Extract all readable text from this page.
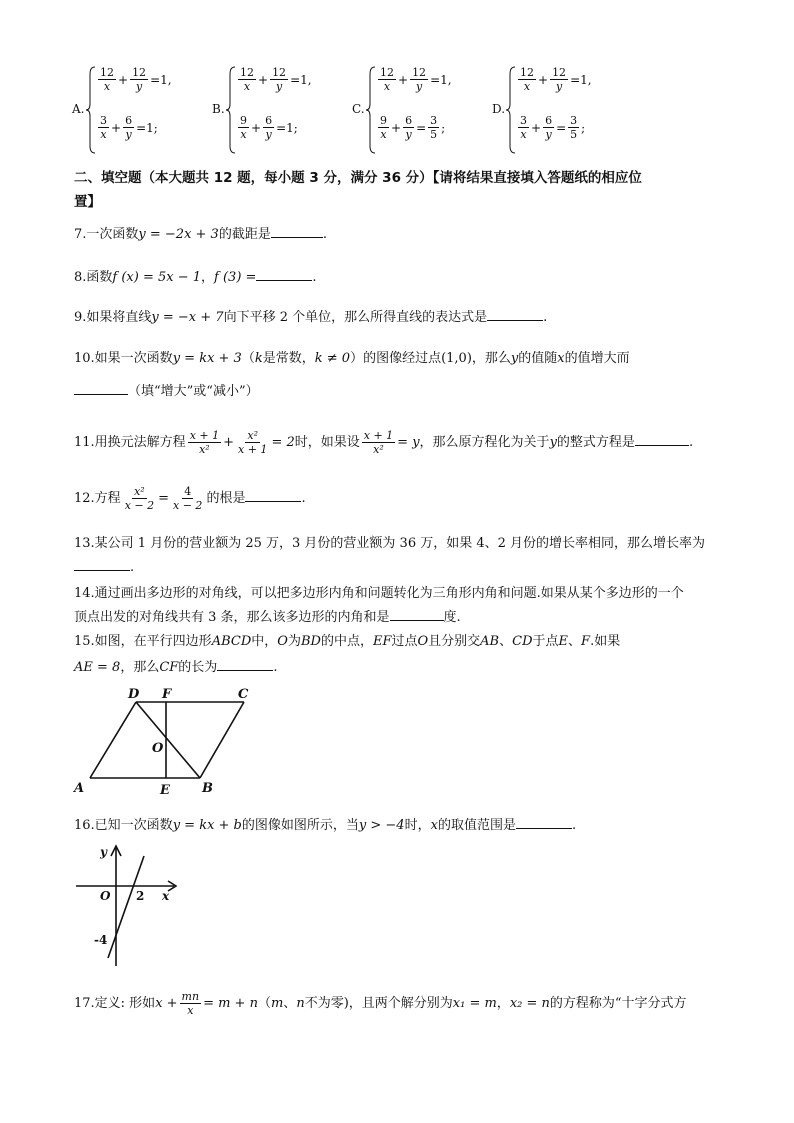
A.
$\frac{12}{x} + \frac{12}{y} =1$,
$\frac{3}{x} + \frac{6}{y} =1$;
B.
$\frac{12}{x} + \frac{12}{y} =1$,
$\frac{9}{x} + \frac{6}{y} =1$;
C.
$\frac{12}{x} + \frac{12}{y} =1$,
$\frac{9}{x} + \frac{6}{y} = \frac{3}{5}$ ;
D.
$\frac{12}{x} + \frac{12}{y} =1$,
$\frac{3}{x} + \frac{6}{y} = \frac{3}{5}$ ;
二、填空题（本大题共 12 题，每小题 3 分，满分 36 分）【请将结果直接填入答题纸的相应位
置】
7.一次函数y = −2x + 3的截距是	.
8.函数f (x) = 5x − 1，f (3) =	.
9.如果将直线y = −x + 7向下平移 2 个单位，那么所得直线的表达式是	.
10.如果一次函数y = kx + 3（k是常数，k ≠ 0）的图像经过点(1,0)，那么y的值随x的值增大而
（填“增大”或“减小”）
11.用换元法解方程 $\frac{x + 1}{\text{x²}} + \frac{\text{x²}}{x + 1} = 2$时，如果设 $\frac{x + 1}{\text{x²}} = y$，那么原方程化为关于y的整式方程是	.
12.方程 $\frac{\text{x²}}{x - 2} = \frac{4}{x - 2}$ 的根是	.
13.某公司 1 月份的营业额为 25 万，3 月份的营业额为 36 万，如果 4、2 月份的增长率相同，那么增长率为
.
14.通过画出多边形的对角线，可以把多边形内角和问题转化为三角形内角和问题.如果从某个多边形的一个
顶点出发的对角线共有 3 条，那么该多边形的内角和是	度.
15.如图，在平行四边形ABCD中，O为BD的中点，EF过点O且分别交AB、CD于点E、F.如果
AE = 8，那么CF的长为	.
A	B
C
D
E
F
O
16.已知一次函数y = kx + b的图像如图所示，当y > −4时，x的取值范围是	.
y
x
O 2
-4
17.定义: 形如$x + \frac{mn}{x} = m + n(m$、n不为零)，且两个解分别为x₁ = m，x₂ = n的方程称为“十字分式方
